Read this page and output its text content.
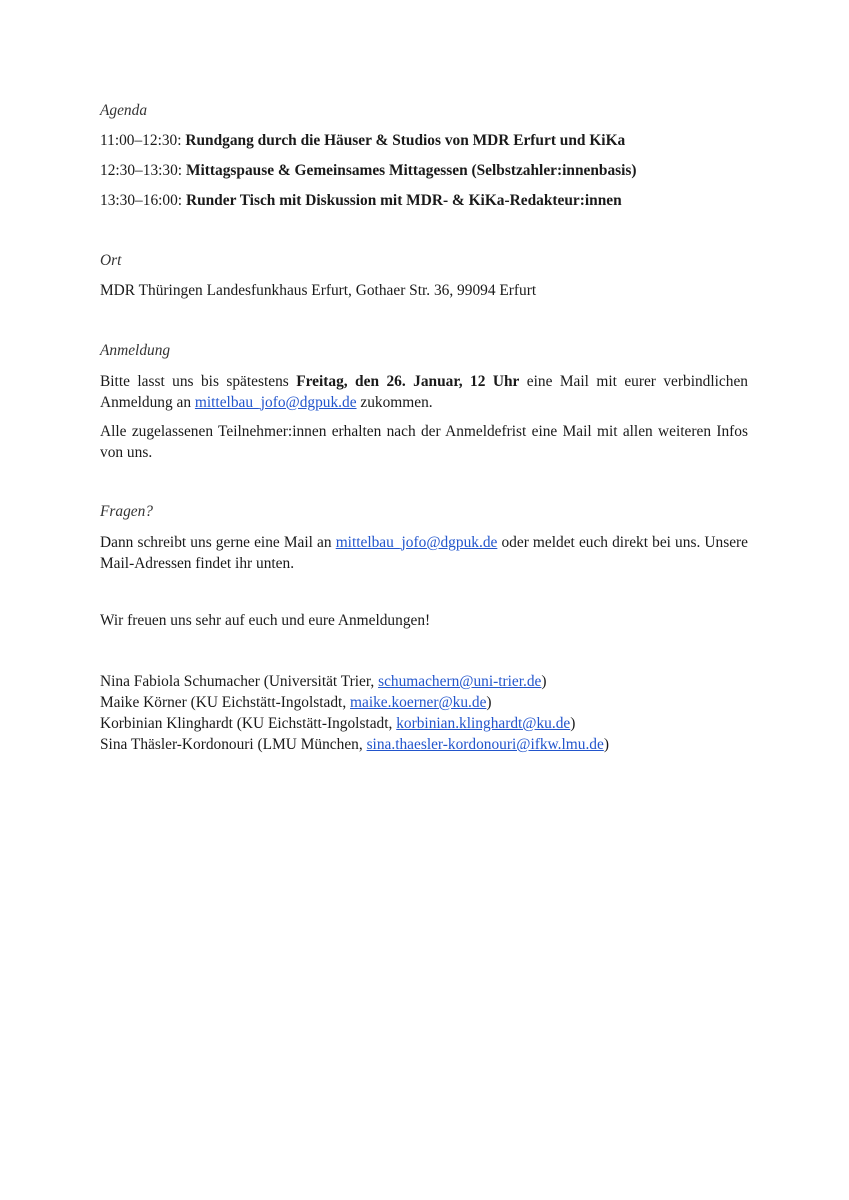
Agenda
11:00–12:30: Rundgang durch die Häuser & Studios von MDR Erfurt und KiKa
12:30–13:30: Mittagspause & Gemeinsames Mittagessen (Selbstzahler:innenbasis)
13:30–16:00: Runder Tisch mit Diskussion mit MDR- & KiKa-Redakteur:innen
Ort
MDR Thüringen Landesfunkhaus Erfurt, Gothaer Str. 36, 99094 Erfurt
Anmeldung
Bitte lasst uns bis spätestens Freitag, den 26. Januar, 12 Uhr eine Mail mit eurer verbindlichen Anmeldung an mittelbau_jofo@dgpuk.de zukommen.
Alle zugelassenen Teilnehmer:innen erhalten nach der Anmeldefrist eine Mail mit allen weiteren Infos von uns.
Fragen?
Dann schreibt uns gerne eine Mail an mittelbau_jofo@dgpuk.de oder meldet euch direkt bei uns. Unsere Mail-Adressen findet ihr unten.
Wir freuen uns sehr auf euch und eure Anmeldungen!
Nina Fabiola Schumacher (Universität Trier, schumachern@uni-trier.de)
Maike Körner (KU Eichstätt-Ingolstadt, maike.koerner@ku.de)
Korbinian Klinghardt (KU Eichstätt-Ingolstadt, korbinian.klinghardt@ku.de)
Sina Thäsler-Kordonouri (LMU München, sina.thaesler-kordonouri@ifkw.lmu.de)
